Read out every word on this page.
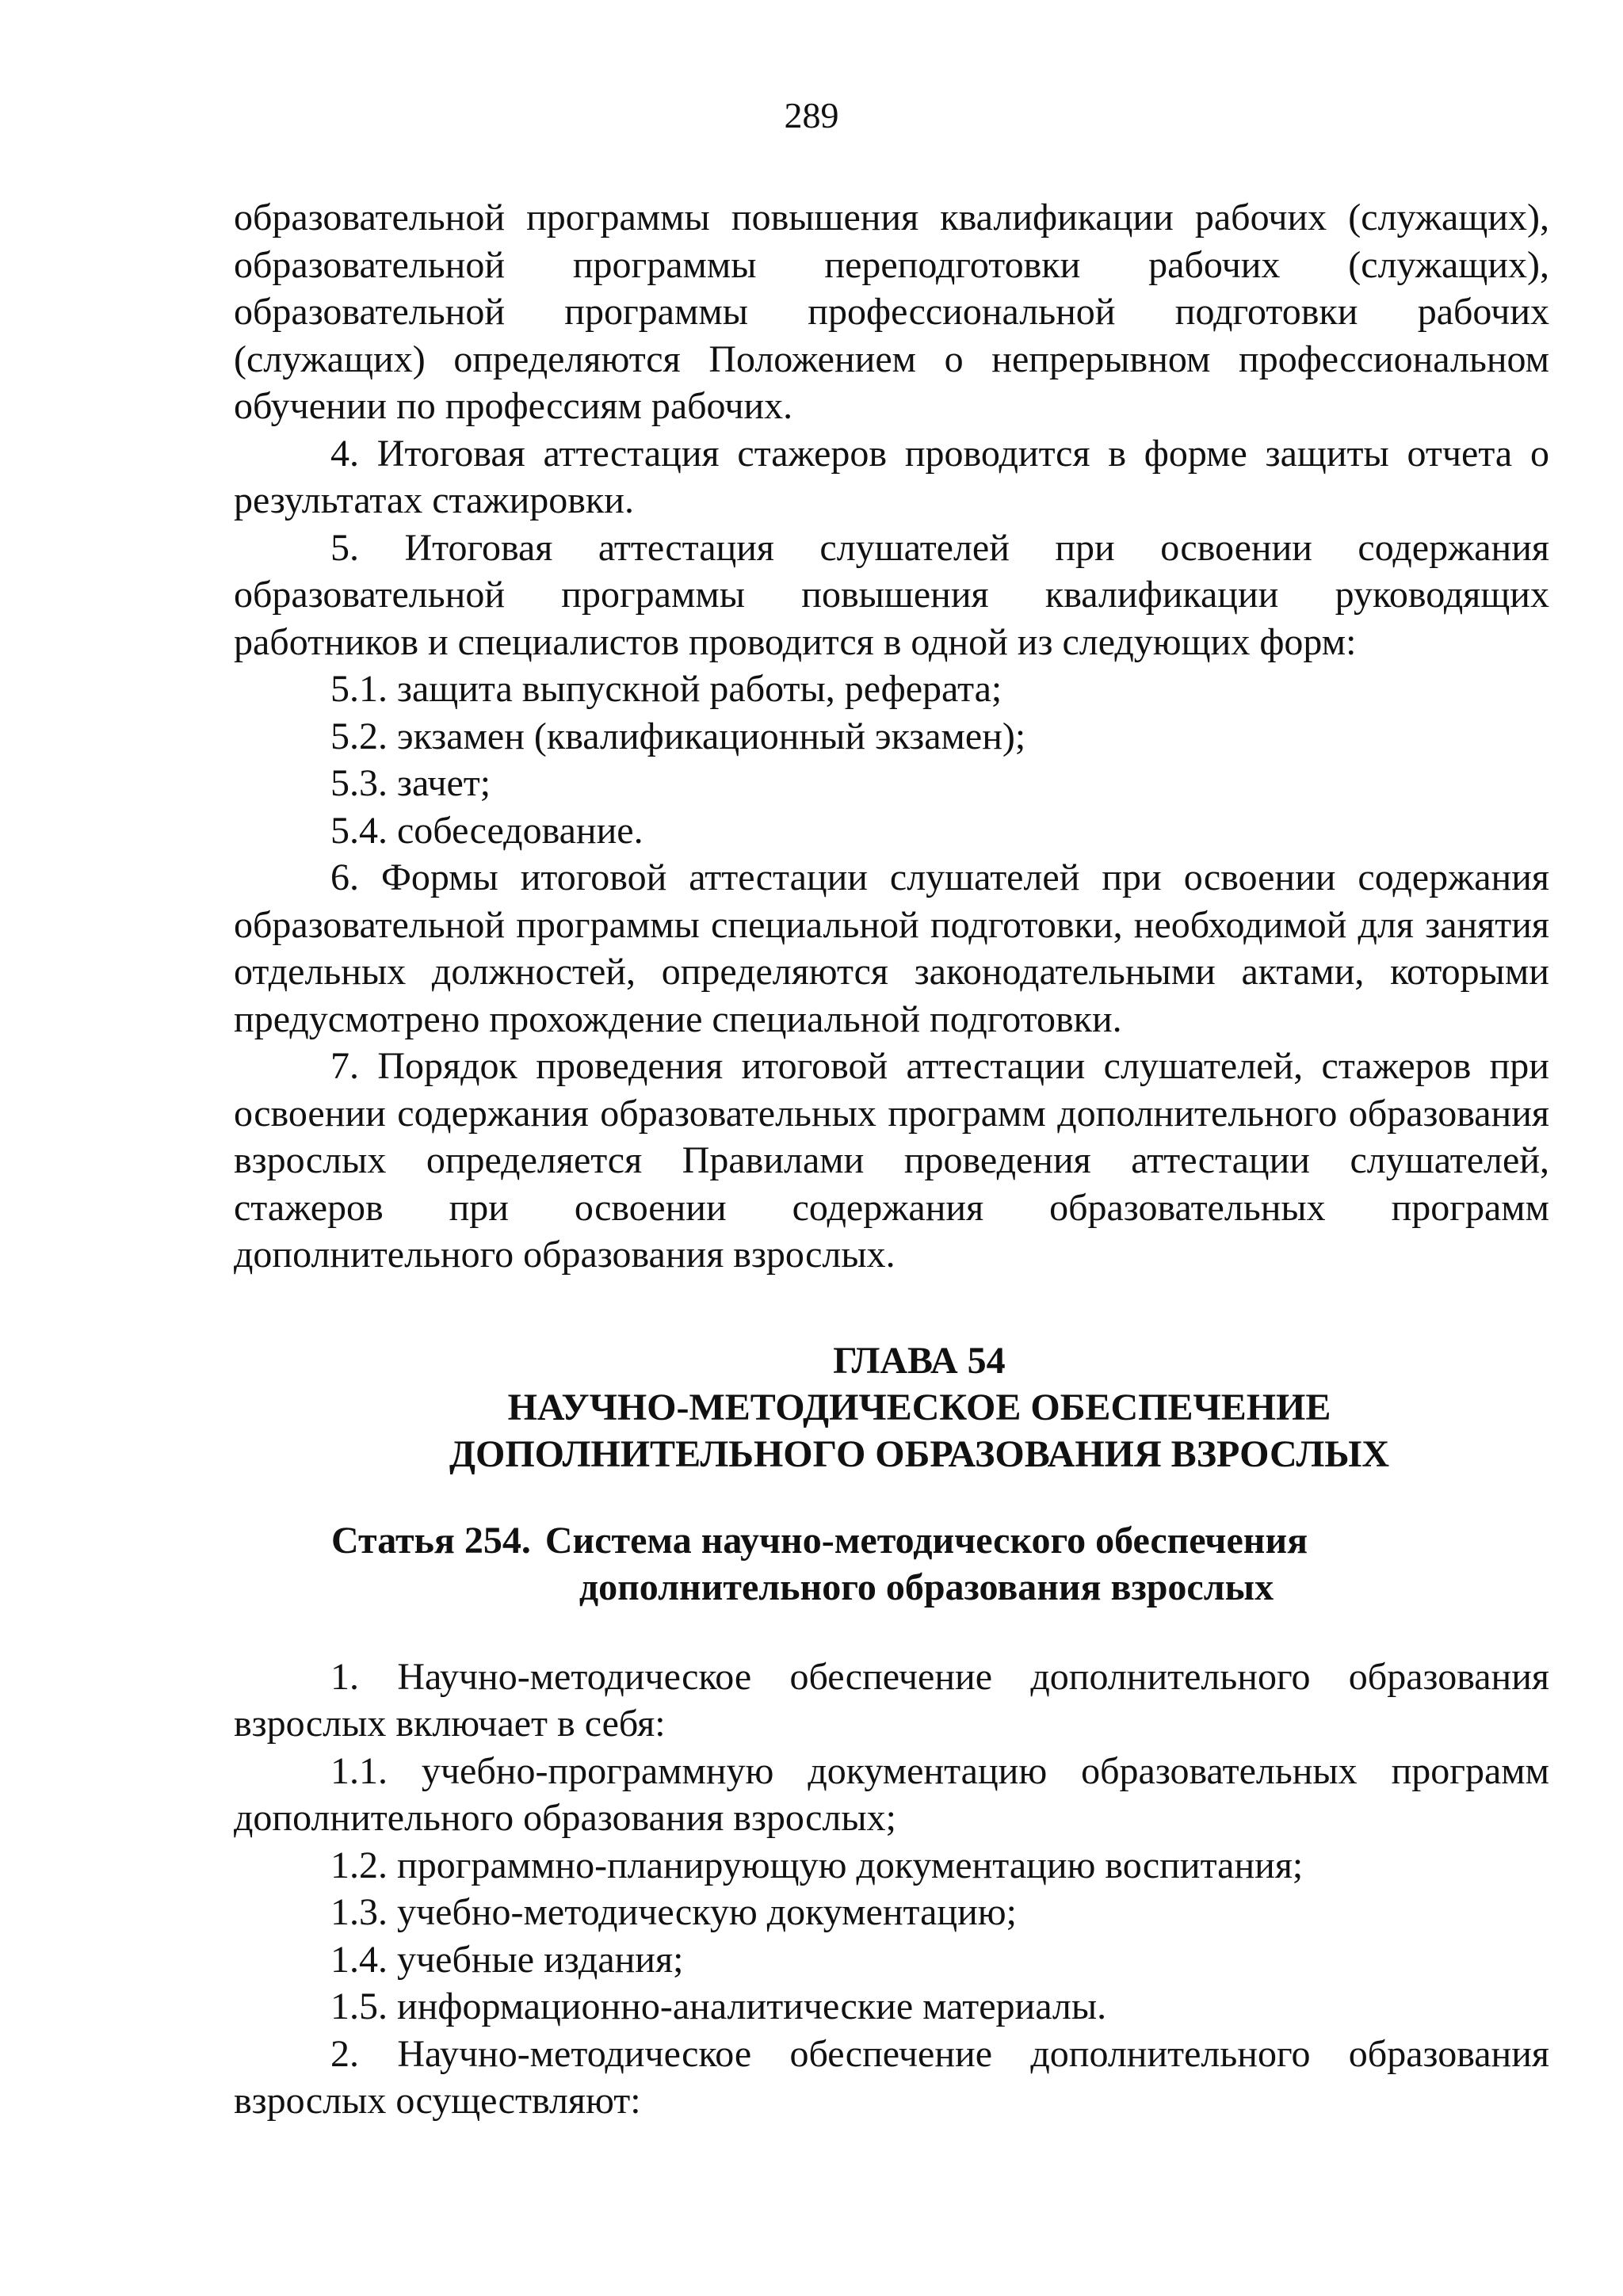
289

образовательной программы повышения квалификации рабочих (служащих), образовательной программы переподготовки рабочих (служащих), образовательной программы профессиональной подготовки рабочих (служащих) определяются Положением о непрерывном профессиональном обучении по профессиям рабочих.

4. Итоговая аттестация стажеров проводится в форме защиты отчета о результатах стажировки.

5. Итоговая аттестация слушателей при освоении содержания образовательной программы повышения квалификации руководящих работников и специалистов проводится в одной из следующих форм:

5.1. защита выпускной работы, реферата;

5.2. экзамен (квалификационный экзамен);

5.3. зачет;

5.4. собеседование.

6. Формы итоговой аттестации слушателей при освоении содержания образовательной программы специальной подготовки, необходимой для занятия отдельных должностей, определяются законодательными актами, которыми предусмотрено прохождение специальной подготовки.

7. Порядок проведения итоговой аттестации слушателей, стажеров при освоении содержания образовательных программ дополнительного образования взрослых определяется Правилами проведения аттестации слушателей, стажеров при освоении содержания образовательных программ дополнительного образования взрослых.

ГЛАВА 54
НАУЧНО-МЕТОДИЧЕСКОЕ ОБЕСПЕЧЕНИЕ
ДОПОЛНИТЕЛЬНОГО ОБРАЗОВАНИЯ ВЗРОСЛЫХ
Статья 254. Система научно-методического обеспечения
дополнительного образования взрослых

1. Научно-методическое обеспечение дополнительного образования взрослых включает в себя:

1.1. учебно-программную документацию образовательных программ дополнительного образования взрослых;

1.2. программно-планирующую документацию воспитания;

1.3. учебно-методическую документацию;

1.4. учебные издания;

1.5. информационно-аналитические материалы.

2. Научно-методическое обеспечение дополнительного образования взрослых осуществляют:
